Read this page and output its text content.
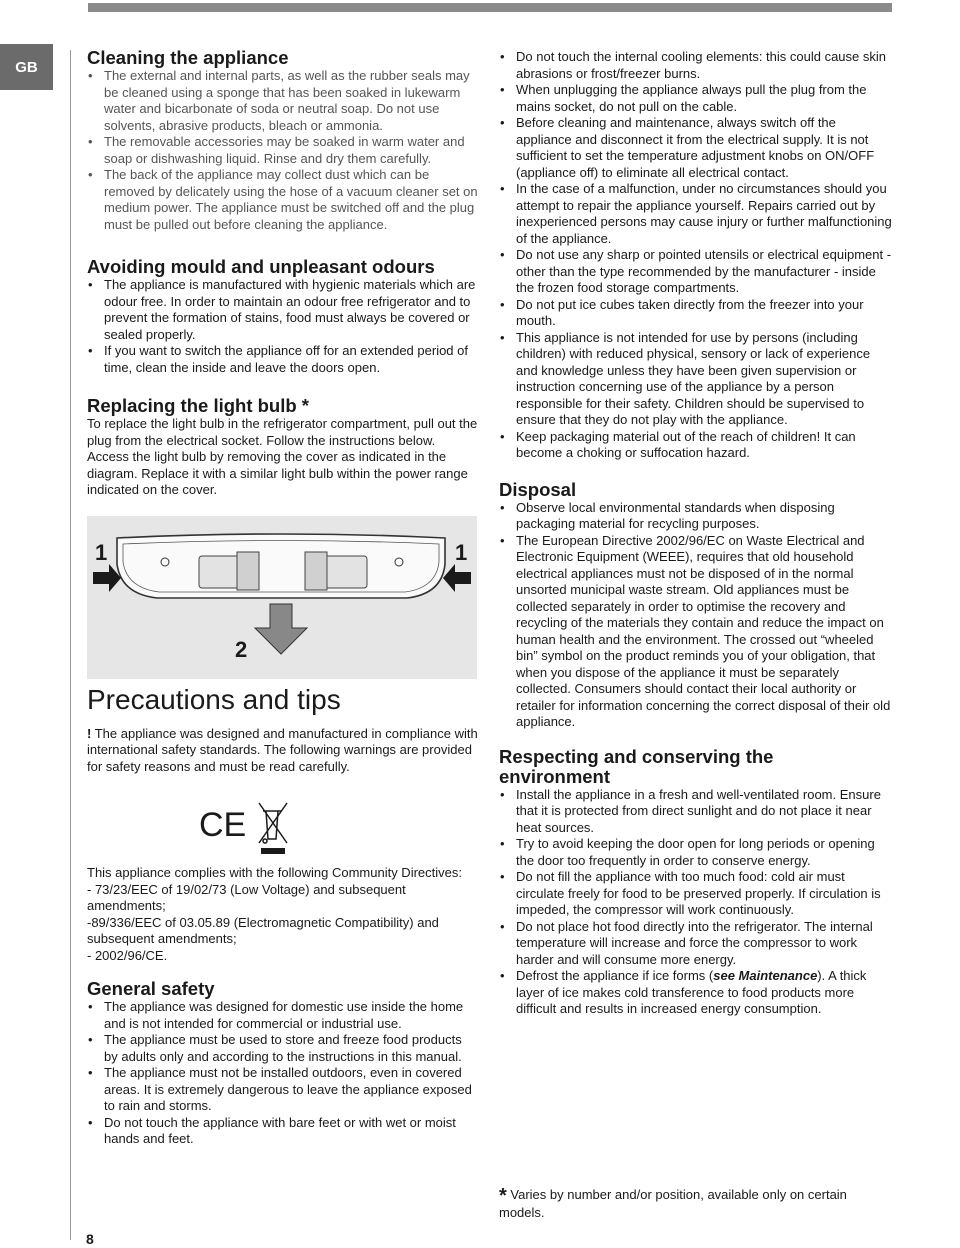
GB
8
Cleaning the appliance
• The external and internal parts, as well as the rubber seals may be cleaned using a sponge that has been soaked in lukewarm water and bicarbonate of soda or neutral soap. Do not use solvents, abrasive products, bleach or ammonia.
• The removable accessories may be soaked in warm water and soap or dishwashing liquid. Rinse and dry them carefully.
• The back of the appliance may collect dust which can be removed by delicately using the hose of a vacuum cleaner set on medium power. The appliance must be switched off and the plug must be pulled out before cleaning the appliance.
Avoiding mould and unpleasant odours
• The appliance is manufactured with hygienic materials which are odour free. In order to maintain an odour free refrigerator and to prevent the formation of stains, food must always be covered or sealed properly.
• If you want to switch the appliance off for an extended period of time, clean the inside and leave the doors open.
Replacing the light bulb *

To replace the light bulb in the refrigerator compartment, pull out the plug from the electrical socket. Follow the instructions below.

Access the light bulb by removing the cover as indicated in the diagram. Replace it with a similar light bulb within the power range indicated on the cover.

1	1
2
Precautions and tips

! The appliance was designed and manufactured in compliance with international safety standards. The following warnings are provided for safety reasons and must be read carefully.

CE

This appliance complies with the following Community Directives:

- 73/23/EEC of 19/02/73 (Low Voltage) and subsequent amendments;

-89/336/EEC of 03.05.89 (Electromagnetic Compatibility) and subsequent amendments;

- 2002/96/CE.

General safety
• The appliance was designed for domestic use inside the home and is not intended for commercial or industrial use.
• The appliance must be used to store and freeze food products by adults only and according to the instructions in this manual.
• The appliance must not be installed outdoors, even in covered areas. It is extremely dangerous to leave the appliance exposed to rain and storms.
• Do not touch the appliance with bare feet or with wet or moist hands and feet.
• Do not touch the internal cooling elements: this could cause skin abrasions or frost/freezer burns.
• When unplugging the appliance always pull the plug from the mains socket, do not pull on the cable.
• Before cleaning and maintenance, always switch off the appliance and disconnect it from the electrical supply. It is not sufficient to set the temperature adjustment knobs on ON/OFF (appliance off) to eliminate all electrical contact.
• In the case of a malfunction, under no circumstances should you attempt to repair the appliance yourself. Repairs carried out by inexperienced persons may cause injury or further malfunctioning of the appliance.
• Do not use any sharp or pointed utensils or electrical equipment - other than the type recommended by the manufacturer - inside the frozen food storage compartments.
• Do not put ice cubes taken directly from the freezer into your mouth.
• This appliance is not intended for use by persons (including children) with reduced physical, sensory or lack of experience and knowledge unless they have been given supervision or instruction concerning use of the appliance by a person responsible for their safety. Children should be supervised to ensure that they do not play with the appliance.
• Keep packaging material out of the reach of children! It can become a choking or suffocation hazard.
Disposal
• Observe local environmental standards when disposing packaging material for recycling purposes.
• The European Directive 2002/96/EC on Waste Electrical and Electronic Equipment (WEEE), requires that old household electrical appliances must not be disposed of in the normal unsorted municipal waste stream. Old appliances must be collected separately in order to optimise the recovery and recycling of the materials they contain and reduce the impact on human health and the environment. The crossed out “wheeled bin” symbol on the product reminds you of your obligation, that when you dispose of the appliance it must be separately collected. Consumers should contact their local authority or retailer for information concerning the correct disposal of their old appliance.
Respecting and conserving the environment
• Install the appliance in a fresh and well-ventilated room. Ensure that it is protected from direct sunlight and do not place it near heat sources.
• Try to avoid keeping the door open for long periods or opening the door too frequently in order to conserve energy.
• Do not fill the appliance with too much food: cold air must circulate freely for food to be preserved properly. If circulation is impeded, the compressor will work continuously.
• Do not place hot food directly into the refrigerator. The internal temperature will increase and force the compressor to work harder and will consume more energy.
• Defrost the appliance if ice forms (see Maintenance). A thick layer of ice makes cold transference to food products more difficult and results in increased energy consumption.
* Varies by number and/or position, available only on certain models.
